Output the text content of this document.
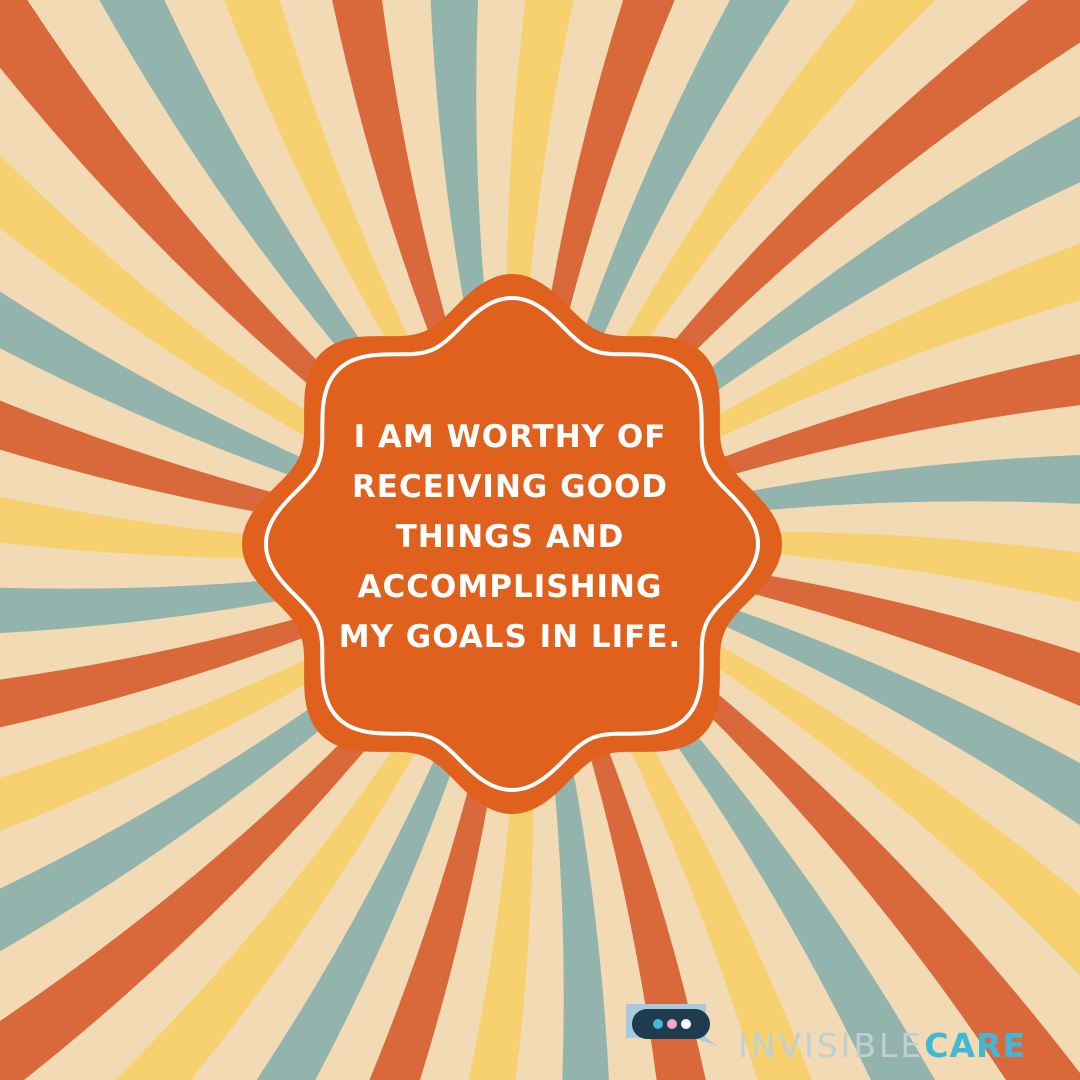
I AM WORTHY OF
RECEIVING GOOD
THINGS AND
ACCOMPLISHING
MY GOALS IN LIFE.

INVISIBLECARE
